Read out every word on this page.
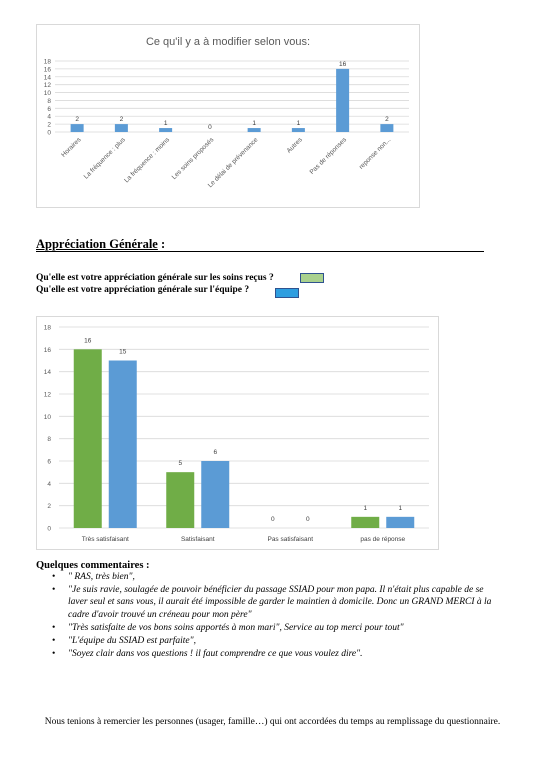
Ce qu'il y a à modifier selon vous:
0
2
4
6
8
10
12
14
16
18
2
Horaires
2
La fréquence : plus
1
La fréquence : moins
0
Les soins proposés
1
Le délai de prévenance
1
Autres
16
Pas de réponses
2
reponse non...
Appréciation Générale :
Qu'elle est votre appréciation générale sur les soins reçus ?
Qu'elle est votre appréciation générale sur l'équipe ?
0
2
4
6
8
10
12
14
16
18
16
15
Très satisfaisant
5
6
Satisfaisant
0	0
Pas satisfaisant
1	1
pas de réponse
Quelques commentaires :
• " RAS, très bien",
• "Je suis ravie, soulagée de pouvoir bénéficier du passage SSIAD pour mon papa. Il n'était plus capable de se laver seul et sans vous, il aurait été impossible de garder le maintien à domicile. Donc un GRAND MERCI à la cadre d'avoir trouvé un créneau pour mon père"
• "Très satisfaite de vos bons soins apportés à mon mari", Service au top merci pour tout"
• "L'équipe du SSIAD est parfaite",
• "Soyez clair dans vos questions ! il faut comprendre ce que vous voulez dire".
Nous tenions à remercier les personnes (usager, famille…) qui ont accordées du temps au remplissage du questionnaire.
